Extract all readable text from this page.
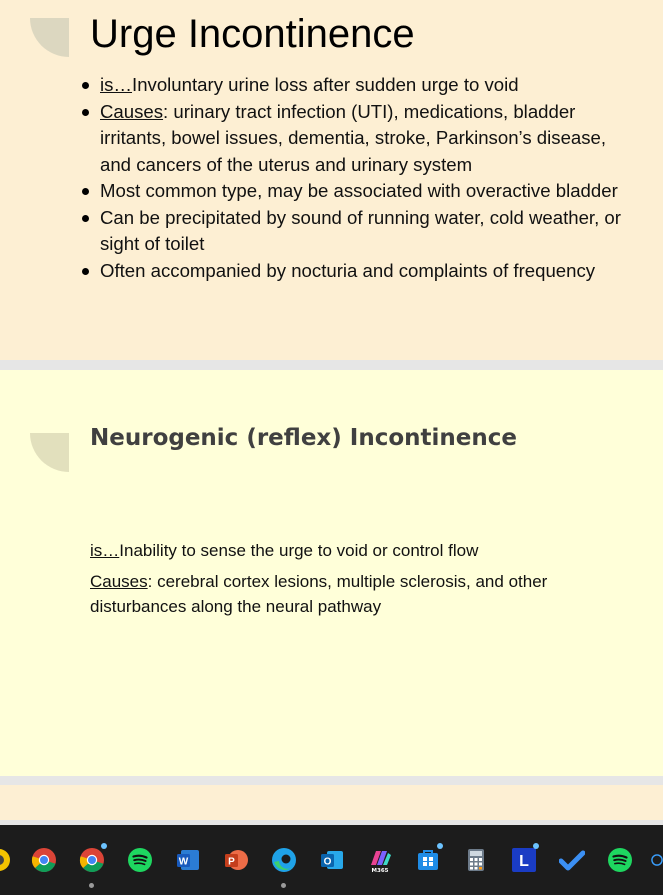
Urge Incontinence
is…Involuntary urine loss after sudden urge to void
Causes: urinary tract infection (UTI), medications, bladder irritants, bowel issues, dementia, stroke, Parkinson’s disease, and cancers of the uterus and urinary system
Most common type, may be associated with overactive bladder
Can be precipitated by sound of running water, cold weather, or sight of toilet
Often accompanied by nocturia and complaints of frequency
Neurogenic (reflex) Incontinence

is…Inability to sense the urge to void or control flow

Causes: cerebral cortex lesions, multiple sclerosis, and other disturbances along the neural pathway

W	P	O
M365
L
